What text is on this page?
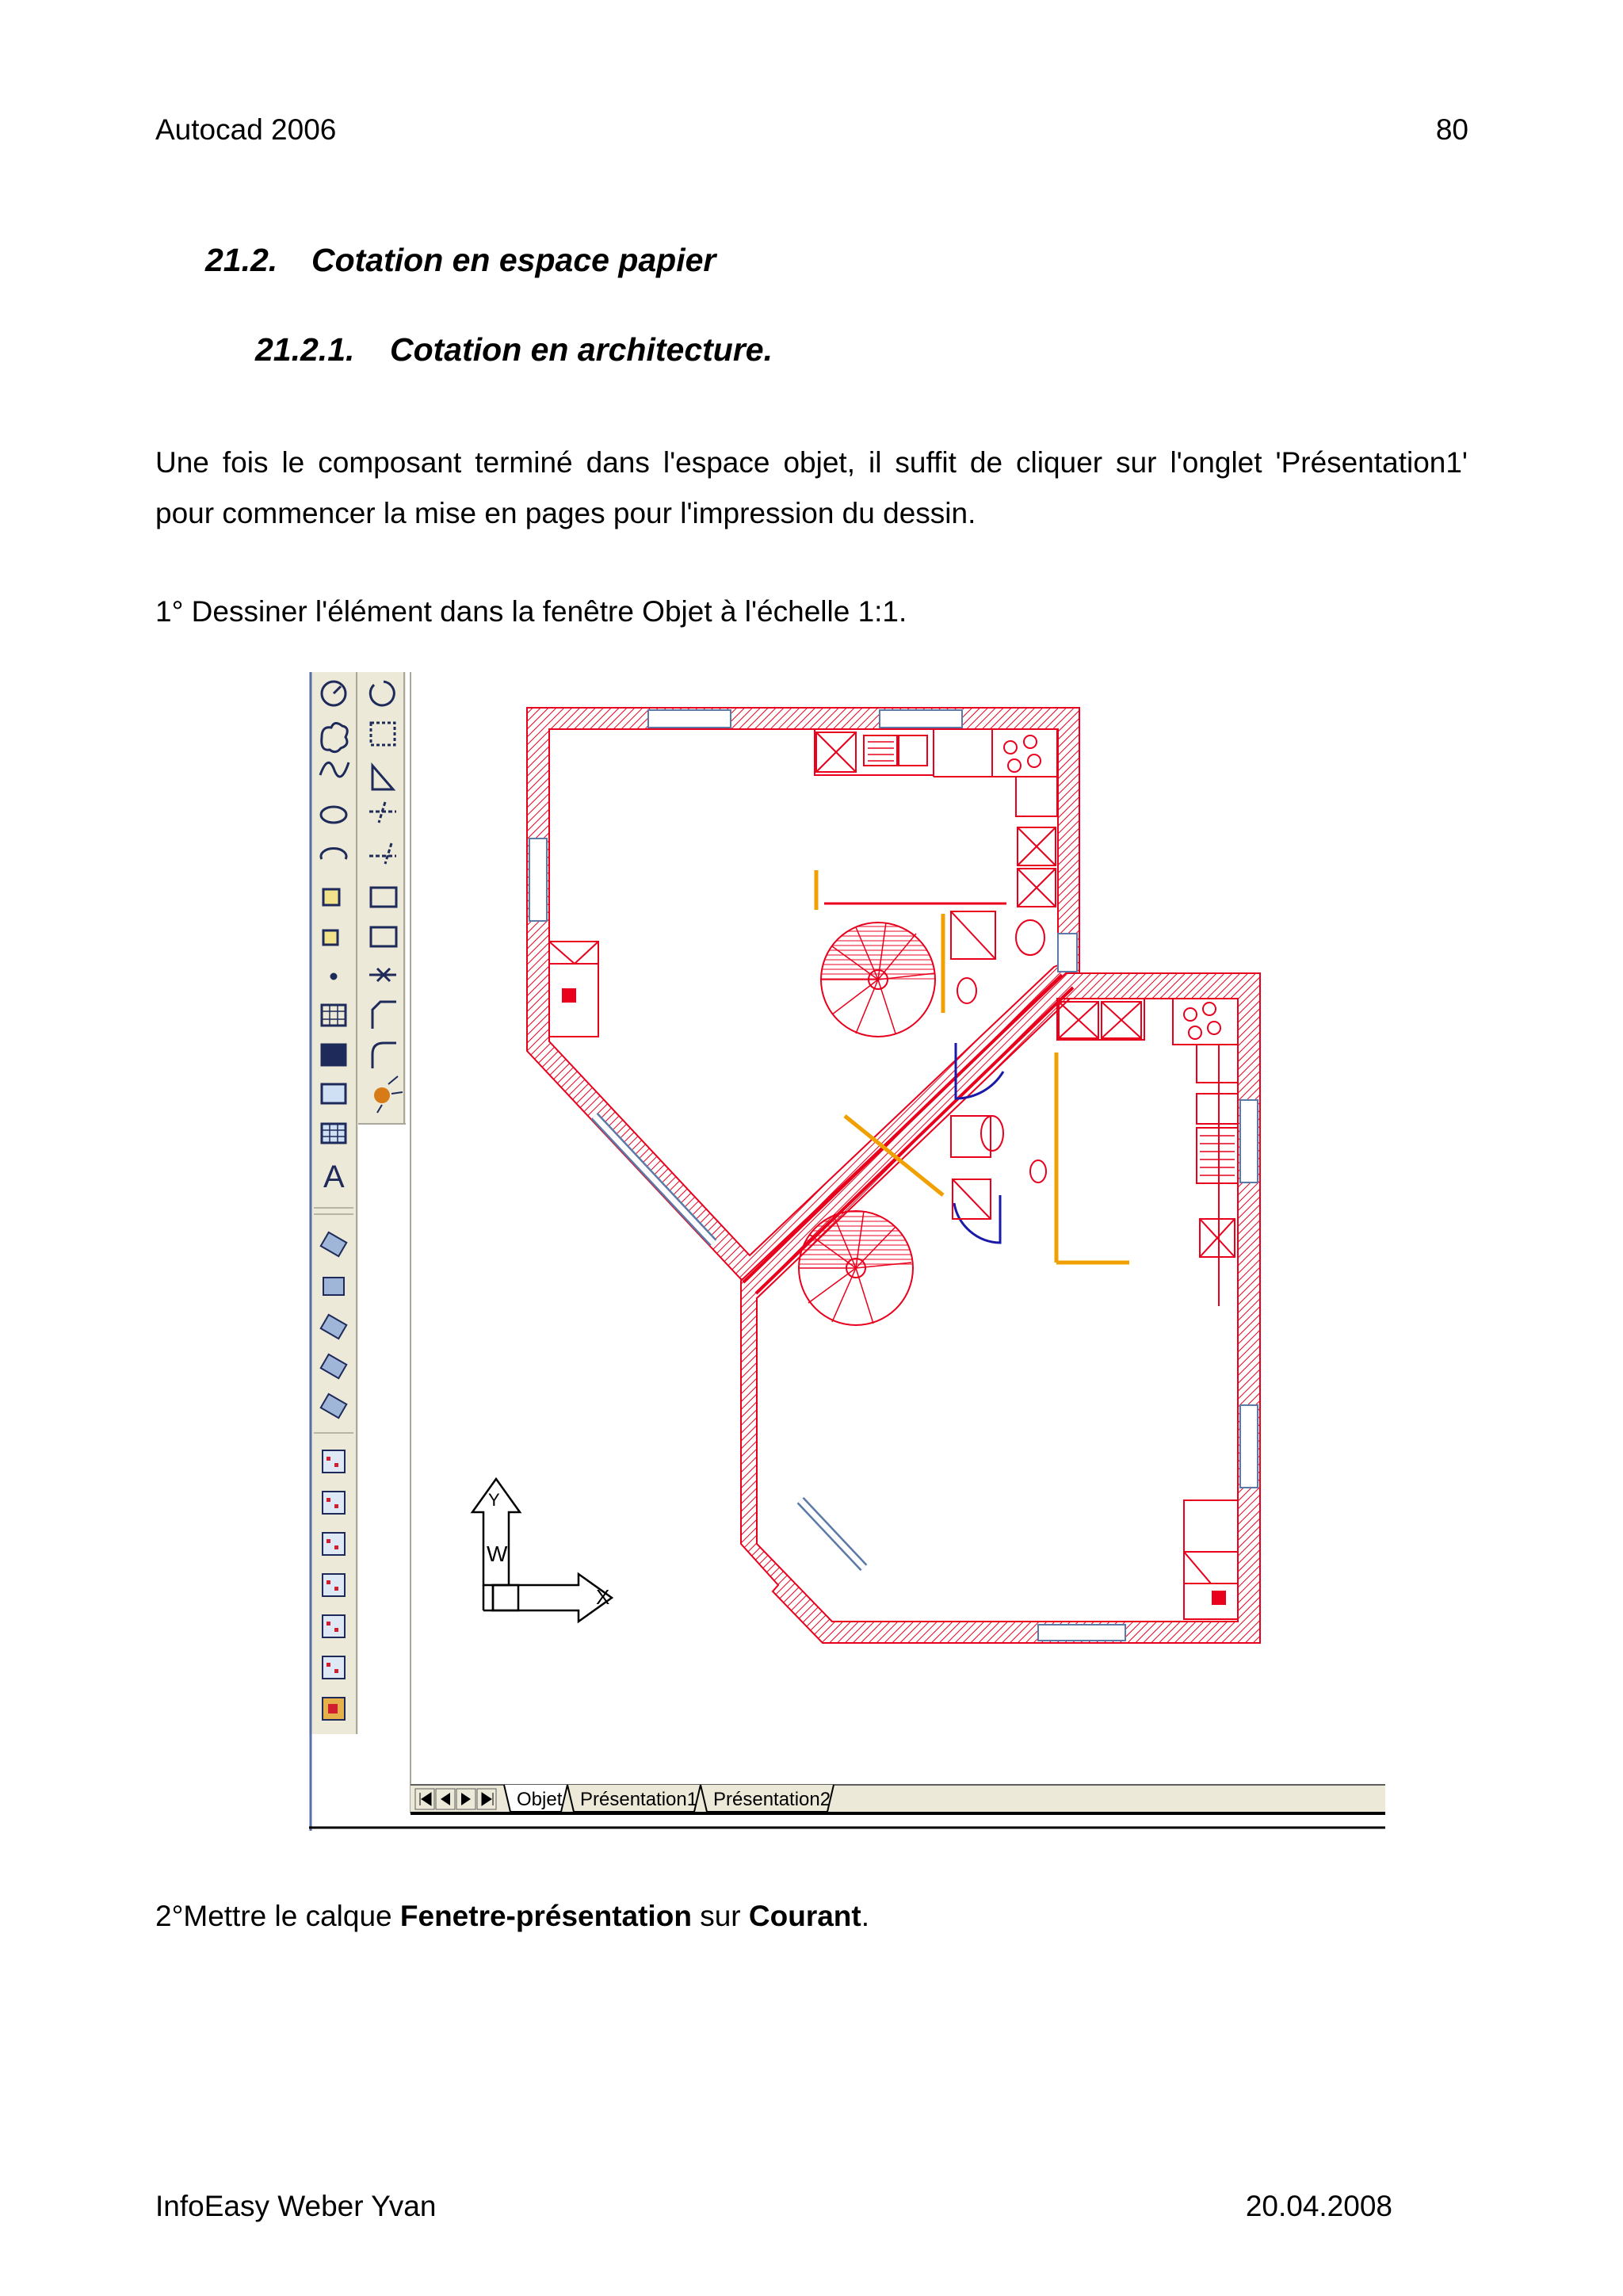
Autocad 2006	80
21.2. Cotation en espace papier
21.2.1. Cotation en architecture.
Une fois le composant terminé dans l'espace objet, il suffit de cliquer sur l'onglet 'Présentation1'
pour commencer la mise en pages pour l'impression du dessin.
1° Dessiner l'élément dans la fenêtre Objet à l'échelle 1:1.
A
Y
X
W
Objet Présentation1 Présentation2
2°Mettre le calque Fenetre-présentation sur Courant.
InfoEasy Weber Yvan	20.04.2008
